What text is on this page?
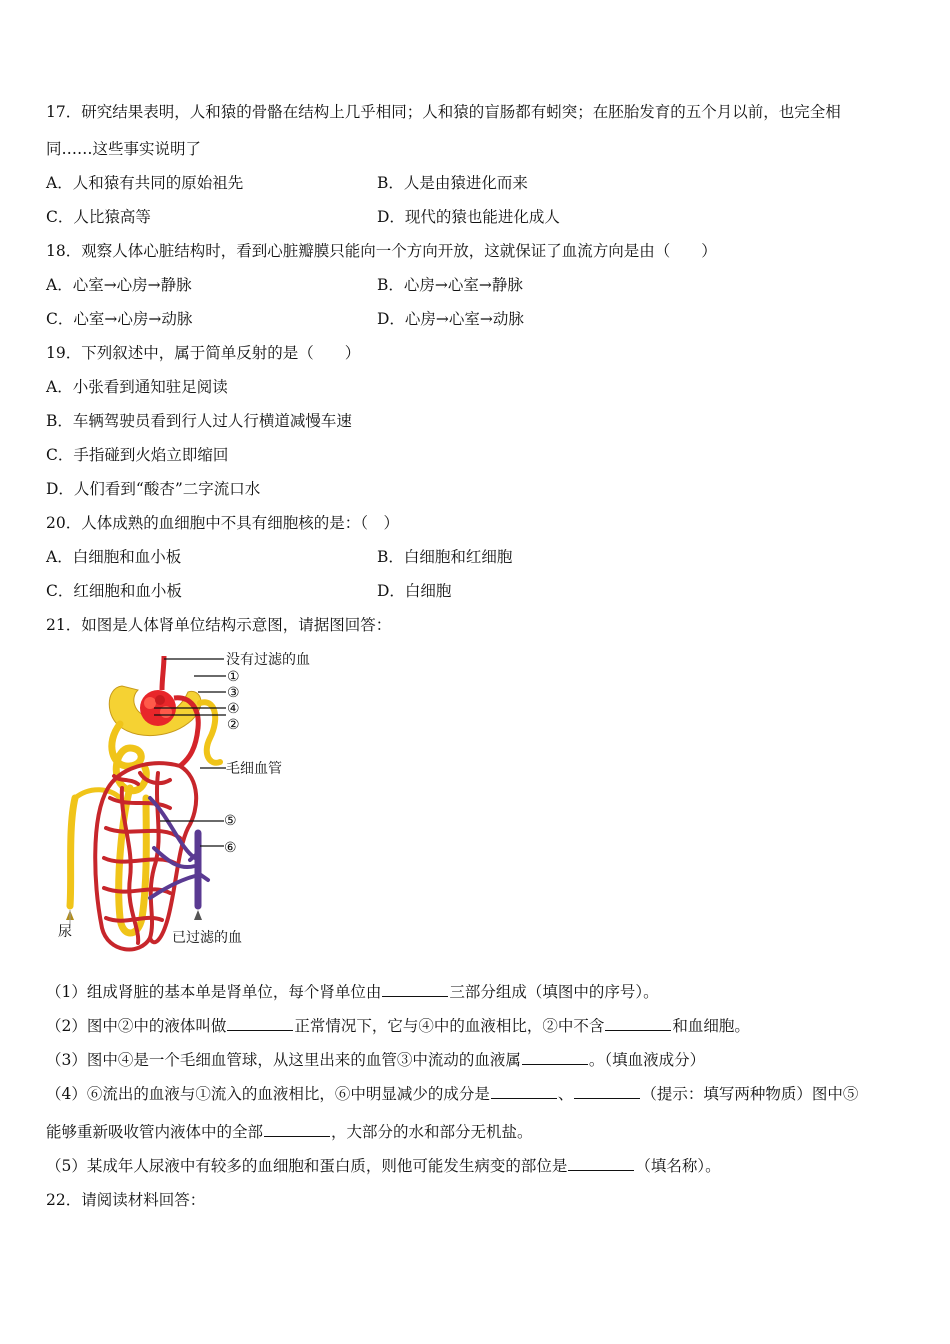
17．研究结果表明，人和猿的骨骼在结构上几乎相同；人和猿的盲肠都有蚓突；在胚胎发育的五个月以前，也完全相
同……这些事实说明了
A．人和猿有共同的原始祖先	B．人是由猿进化而来
C．人比猿高等	D．现代的猿也能进化成人
18．观察人体心脏结构时，看到心脏瓣膜只能向一个方向开放，这就保证了血流方向是由（　　）
A．心室→心房→静脉	B．心房→心室→静脉
C．心室→心房→动脉	D．心房→心室→动脉
19．下列叙述中，属于简单反射的是（　　）
A．小张看到通知驻足阅读
B．车辆驾驶员看到行人过人行横道减慢车速
C．手指碰到火焰立即缩回
D．人们看到“酸杏”二字流口水
20．人体成熟的血细胞中不具有细胞核的是：（　）
A．白细胞和血小板	B．白细胞和红细胞
C．红细胞和血小板	D．白细胞
21．如图是人体肾单位结构示意图，请据图回答：
没有过滤的血
①
③
④
②
毛细血管
⑤
⑥
尿	已过滤的血
（1）组成肾脏的基本单是肾单位，每个肾单位由	三部分组成（填图中的序号）。
（2）图中②中的液体叫做	正常情况下，它与④中的血液相比，②中不含	和血细胞。
（3）图中④是一个毛细血管球，从这里出来的血管③中流动的血液属	。（填血液成分）
（4）⑥流出的血液与①流入的血液相比，⑥中明显减少的成分是	、	（提示：填写两种物质）图中⑤
能够重新吸收管内液体中的全部	，大部分的水和部分无机盐。
（5）某成年人尿液中有较多的血细胞和蛋白质，则他可能发生病变的部位是	（填名称）。
22．请阅读材料回答：
